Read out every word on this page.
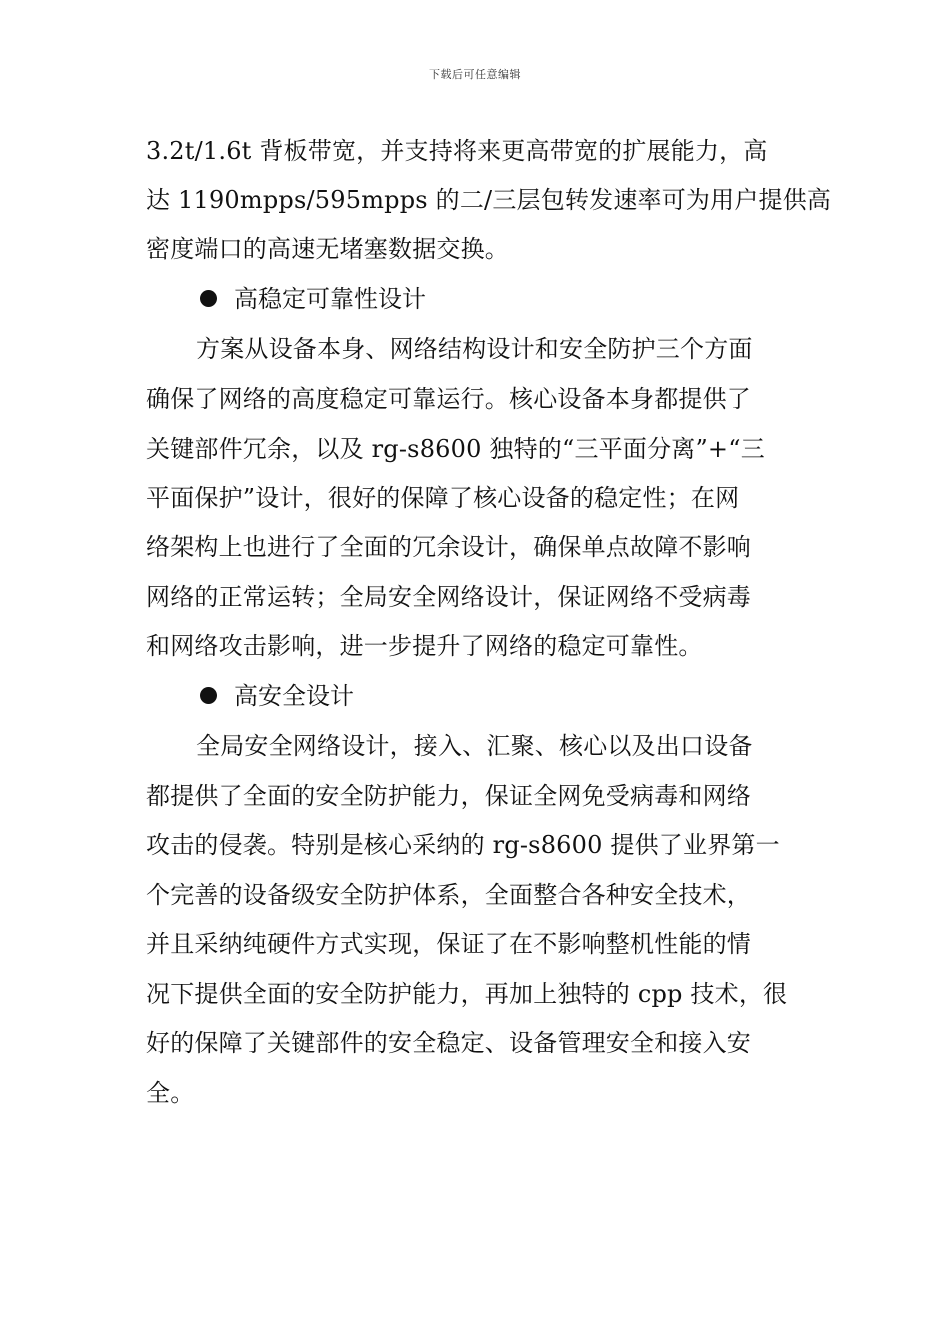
下载后可任意编辑
3.2t/1.6t 背板带宽，并支持将来更高带宽的扩展能力，高
达 1190mpps/595mpps 的二/三层包转发速率可为用户提供高
密度端口的高速无堵塞数据交换。
高稳定可靠性设计
方案从设备本身、网络结构设计和安全防护三个方面
确保了网络的高度稳定可靠运行。核心设备本身都提供了
关键部件冗余，以及 rg-s8600 独特的“三平面分离”+“三
平面保护”设计，很好的保障了核心设备的稳定性；在网
络架构上也进行了全面的冗余设计，确保单点故障不影响
网络的正常运转；全局安全网络设计，保证网络不受病毒
和网络攻击影响，进一步提升了网络的稳定可靠性。
高安全设计
全局安全网络设计，接入、汇聚、核心以及出口设备
都提供了全面的安全防护能力，保证全网免受病毒和网络
攻击的侵袭。特别是核心采纳的 rg-s8600 提供了业界第一
个完善的设备级安全防护体系，全面整合各种安全技术，
并且采纳纯硬件方式实现，保证了在不影响整机性能的情
况下提供全面的安全防护能力，再加上独特的 cpp 技术，很
好的保障了关键部件的安全稳定、设备管理安全和接入安
全。
